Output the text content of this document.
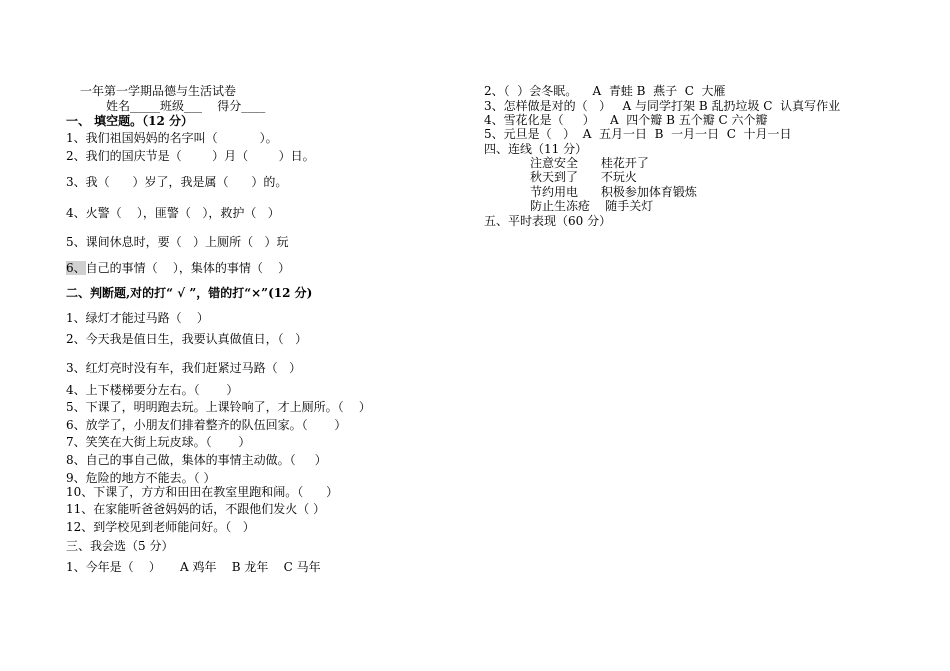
一年第一学期品德与生活试卷
姓名_____班级___    得分____
一、 填空题。（12 分）
1、我们祖国妈妈的名字叫（           ）。
2、我们的国庆节是（        ）月（        ）日。
3、我（      ）岁了，我是属（      ）的。
4、火警（    ），匪警（   ），救护（   ）
5、课间休息时，要（   ）上厕所（   ）玩
6、自己的事情（    ），集体的事情（    ）
二、判断题,对的打“ √ ”，错的打“×”(12 分)
1、绿灯才能过马路（    ）
2、今天我是值日生，我要认真做值日，（   ）
3、红灯亮时没有车，我们赶紧过马路（   ）
4、上下楼梯要分左右。（       ）
5、下课了，明明跑去玩。上课铃响了，才上厕所。（    ）
6、放学了，小朋友们排着整齐的队伍回家。（       ）
7、笑笑在大街上玩皮球。（       ）
8、自己的事自己做，集体的事情主动做。（     ）
9、危险的地方不能去。（ ）
10、下课了，方方和田田在教室里跑和闹。（      ）
11、在家能听爸爸妈妈的话，不跟他们发火（ ）
12、到学校见到老师能问好。（   ）
三、我会选（5 分）
1、今年是（    ）     A 鸡年    B 龙年    C 马年
2、（  ）会冬眠。    A  青蛙 B  燕子  C  大雁
3、怎样做是对的（   ）   A 与同学打架 B 乱扔垃圾 C  认真写作业
4、雪花化是（     ）    A  四个瓣 B 五个瓣 C 六个瓣
5、元旦是（   ）  A  五月一日  B  一月一日  C  十月一日
四、连线（11 分）
注意安全      桂花开了
秋天到了      不玩火
节约用电      积极参加体育锻炼
防止生冻疮    随手关灯
五、平时表现（60 分）
